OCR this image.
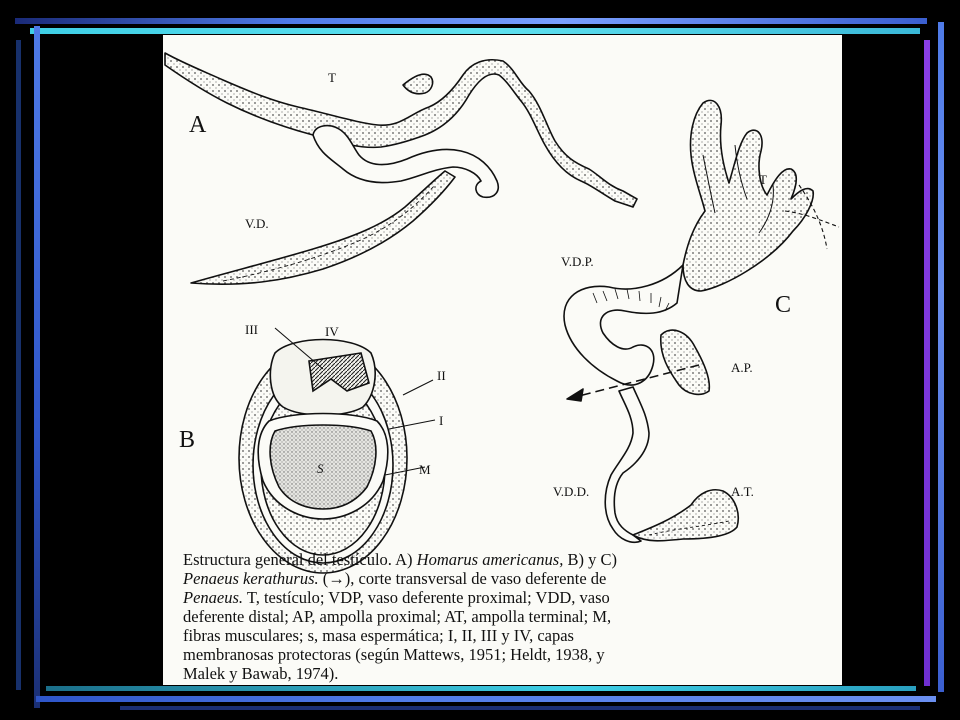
A
B
C
T
V.D.
III	IV
II
I
M
S
T
V.D.P.
A.P.
V.D.D.	A.T.
Estructura general del testículo. A) Homarus americanus, B) y C)
Penaeus kerathurus. (→), corte transversal de vaso deferente de
Penaeus. T, testículo; VDP, vaso deferente proximal; VDD, vaso
deferente distal; AP, ampolla proximal; AT, ampolla terminal; M,
fibras musculares; s, masa espermática; I, II, III y IV, capas
membranosas protectoras (según Mattews, 1951; Heldt, 1938, y
Malek y Bawab, 1974).
